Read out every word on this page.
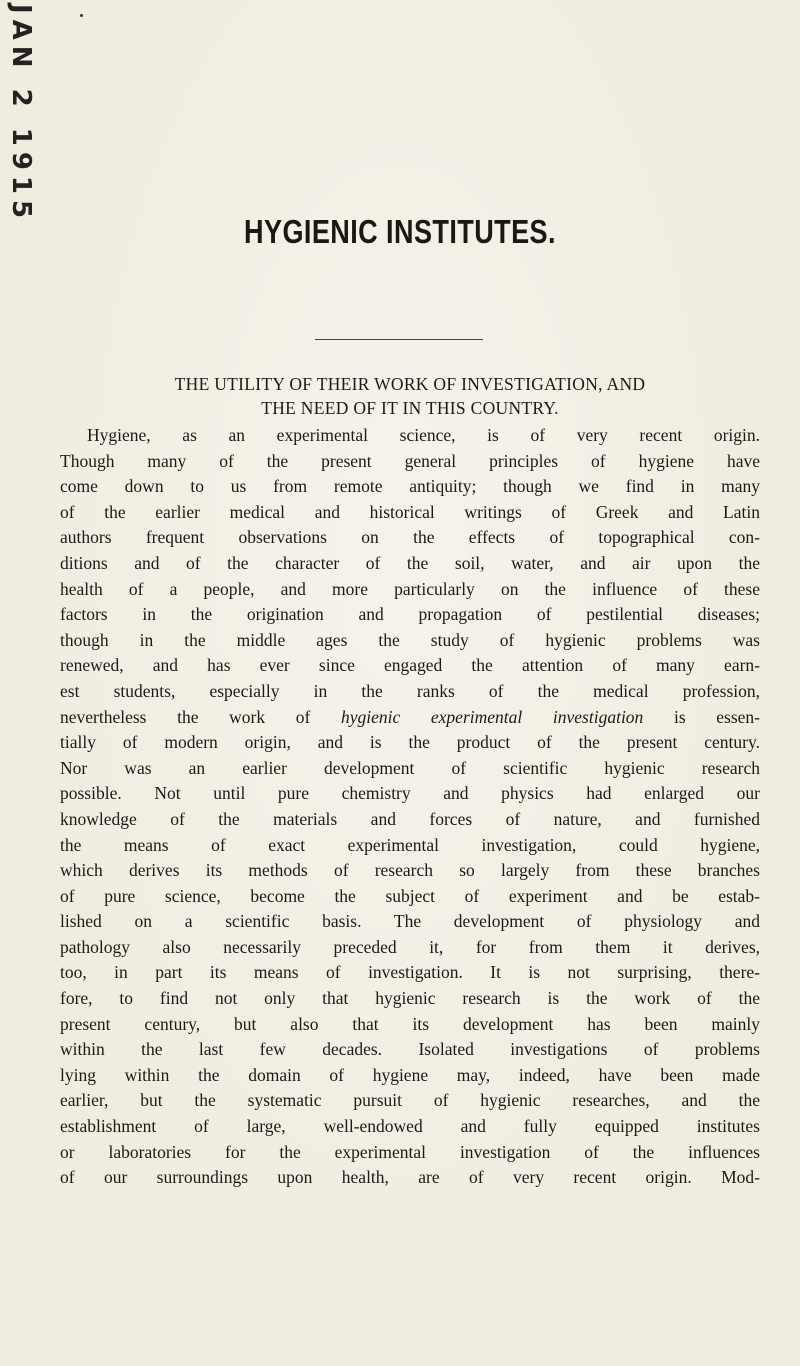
JAN 2 1915
HYGIENIC INSTITUTES.
THE UTILITY OF THEIR WORK OF INVESTIGATION, AND
THE NEED OF IT IN THIS COUNTRY.
Hygiene, as an experimental science, is of very recent origin.
Though many of the present general principles of hygiene have
come down to us from remote antiquity; though we find in many
of the earlier medical and historical writings of Greek and Latin
authors frequent observations on the effects of topographical con-
ditions and of the character of the soil, water, and air upon the
health of a people, and more particularly on the influence of these
factors in the origination and propagation of pestilential diseases;
though in the middle ages the study of hygienic problems was
renewed, and has ever since engaged the attention of many earn-
est students, especially in the ranks of the medical profession,
nevertheless the work of hygienic experimental investigation is essen-
tially of modern origin, and is the product of the present century.
Nor was an earlier development of scientific hygienic research
possible. Not until pure chemistry and physics had enlarged our
knowledge of the materials and forces of nature, and furnished
the means of exact experimental investigation, could hygiene,
which derives its methods of research so largely from these branches
of pure science, become the subject of experiment and be estab-
lished on a scientific basis. The development of physiology and
pathology also necessarily preceded it, for from them it derives,
too, in part its means of investigation. It is not surprising, there-
fore, to find not only that hygienic research is the work of the
present century, but also that its development has been mainly
within the last few decades. Isolated investigations of problems
lying within the domain of hygiene may, indeed, have been made
earlier, but the systematic pursuit of hygienic researches, and the
establishment of large, well-endowed and fully equipped institutes
or laboratories for the experimental investigation of the influences
of our surroundings upon health, are of very recent origin. Mod-
